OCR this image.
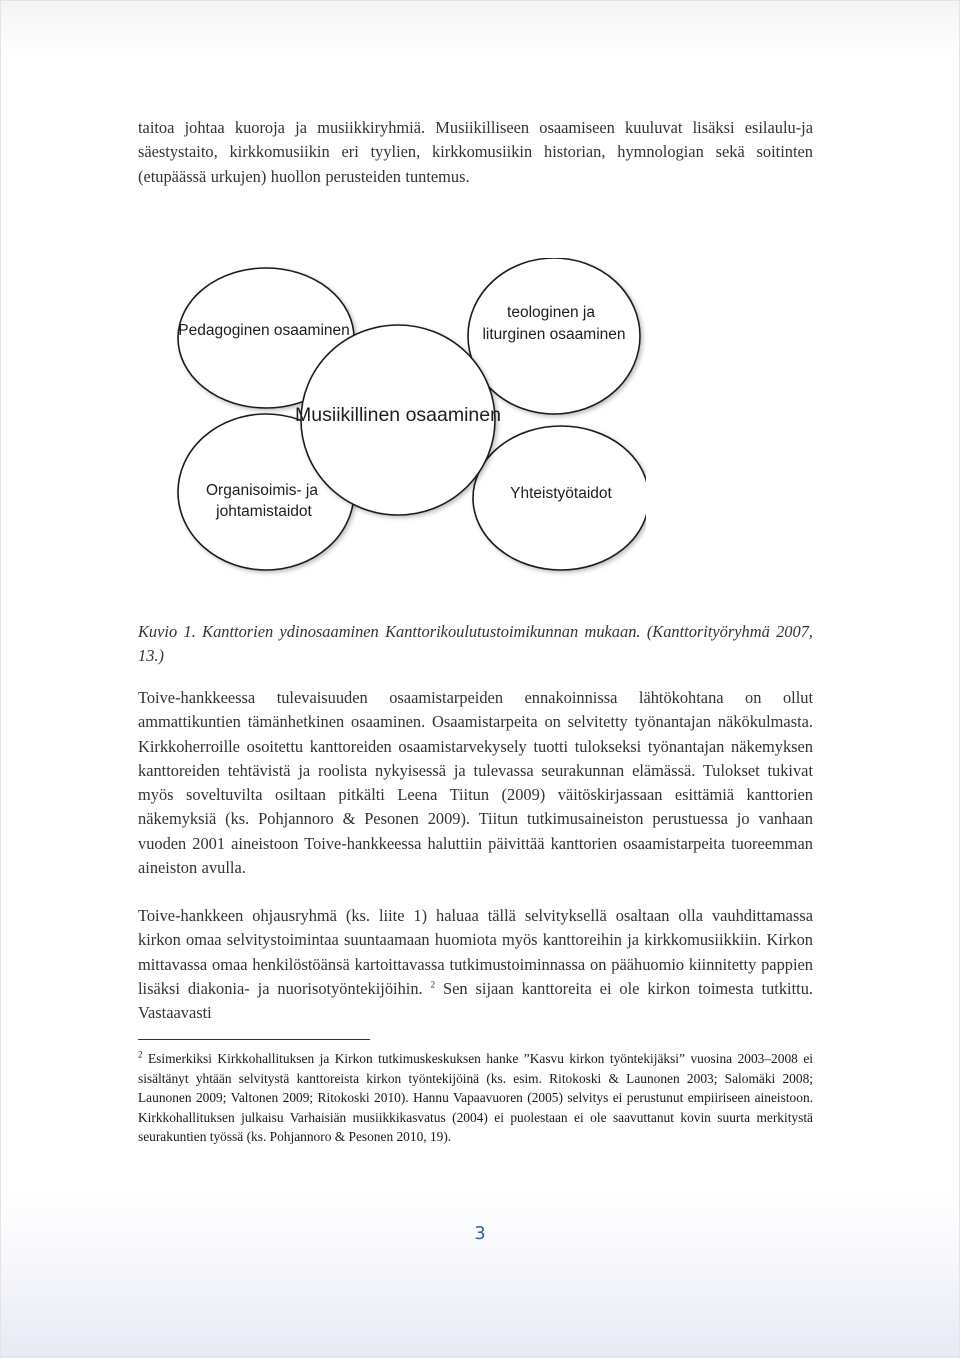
taitoa johtaa kuoroja ja musiikkiryhmiä. Musiikilliseen osaamiseen kuuluvat lisäksi esilaulu-ja säestystaito, kirkkomusiikin eri tyylien, kirkkomusiikin historian, hymnologian sekä soitinten (etupäässä urkujen) huollon perusteiden tuntemus.

Pedagoginen osaaminen
teologinen ja
liturginen osaaminen
Musiikillinen osaaminen
Organisoimis- ja
johtamistaidot
Yhteistyötaidot

Kuvio 1. Kanttorien ydinosaaminen Kanttorikoulutustoimikunnan mukaan. (Kanttorityöryhmä 2007, 13.)

Toive-hankkeessa tulevaisuuden osaamistarpeiden ennakoinnissa lähtökohtana on ollut ammattikuntien tämänhetkinen osaaminen. Osaamistarpeita on selvitetty työnantajan näkökulmasta. Kirkkoherroille osoitettu kanttoreiden osaamistarvekysely tuotti tulokseksi työnantajan näkemyksen kanttoreiden tehtävistä ja roolista nykyisessä ja tulevassa seurakunnan elämässä. Tulokset tukivat myös soveltuvilta osiltaan pitkälti Leena Tiitun (2009) väitöskirjassaan esittämiä kanttorien näkemyksiä (ks. Pohjannoro & Pesonen 2009). Tiitun tutkimusaineiston perustuessa jo vanhaan vuoden 2001 aineistoon Toive-hankkeessa haluttiin päivittää kanttorien osaamistarpeita tuoreemman aineiston avulla.

Toive-hankkeen ohjausryhmä (ks. liite 1) haluaa tällä selvityksellä osaltaan olla vauhdittamassa kirkon omaa selvitystoimintaa suuntaamaan huomiota myös kanttoreihin ja kirkkomusiikkiin. Kirkon mittavassa omaa henkilöstöänsä kartoittavassa tutkimustoiminnassa on päähuomio kiinnitetty pappien lisäksi diakonia- ja nuorisotyöntekijöihin. $^2$ Sen sijaan kanttoreita ei ole kirkon toimesta tutkittu. Vastaavasti

$^2$ Esimerkiksi Kirkkohallituksen ja Kirkon tutkimuskeskuksen hanke ”Kasvu kirkon työntekijäksi” vuosina 2003–2008 ei sisältänyt yhtään selvitystä kanttoreista kirkon työntekijöinä (ks. esim. Ritokoski & Launonen 2003; Salomäki 2008; Launonen 2009; Valtonen 2009; Ritokoski 2010). Hannu Vapaavuoren (2005) selvitys ei perustunut empiiriseen aineistoon. Kirkkohallituksen julkaisu Varhaisiän musiikkikasvatus (2004) ei puolestaan ei ole saavuttanut kovin suurta merkitystä seurakuntien työssä (ks. Pohjannoro & Pesonen 2010, 19).

3
